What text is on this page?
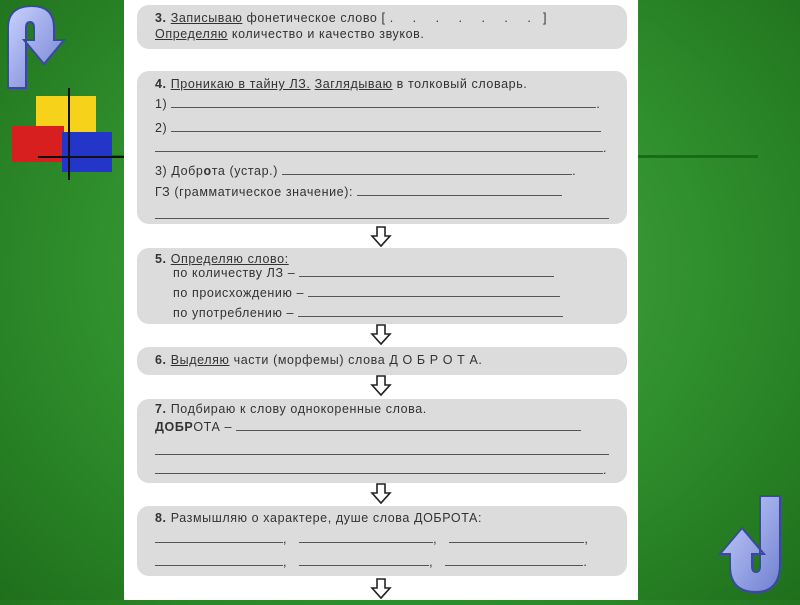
3. Записываю фонетическое слово [ . . . . . . . ]
Определяю количество и качество звуков.
4. Проникаю в тайну ЛЗ. Заглядываю в толковый словарь.
1)	.
2)
.
3) Доброта (устар.)	.
ГЗ (грамматическое значение):
5. Определяю слово:
по количеству ЛЗ –
по происхождению –
по употреблению –
6. Выделяю части (морфемы) слова Д О Б Р О Т А.
7. Подбираю к слову однокоренные слова.
ДОБРОТА –
.
8. Размышляю о характере, душе слова ДОБРОТА:
,	,	,
,	,	.
